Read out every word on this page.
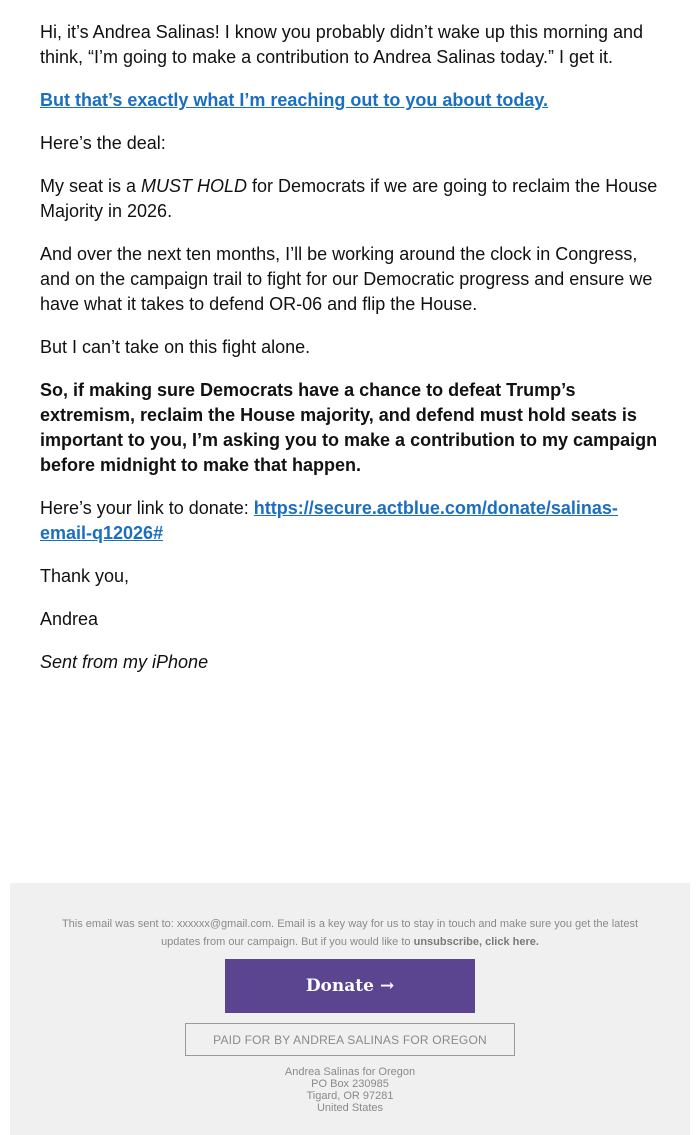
Hi, it’s Andrea Salinas! I know you probably didn’t wake up this morning and think, “I’m going to make a contribution to Andrea Salinas today.” I get it.

But that’s exactly what I’m reaching out to you about today.

Here’s the deal:

My seat is a MUST HOLD for Democrats if we are going to reclaim the House Majority in 2026.

And over the next ten months, I’ll be working around the clock in Congress, and on the campaign trail to fight for our Democratic progress and ensure we have what it takes to defend OR-06 and flip the House.

But I can’t take on this fight alone.

So, if making sure Democrats have a chance to defeat Trump’s extremism, reclaim the House majority, and defend must hold seats is important to you, I’m asking you to make a contribution to my campaign before midnight to make that happen.

Here’s your link to donate: https://secure.actblue.com/donate/salinas-email-q12026#

Thank you,

Andrea

Sent from my iPhone

This email was sent to: xxxxxx@gmail.com. Email is a key way for us to stay in touch and make sure you get the latest updates from our campaign. But if you would like to unsubscribe, click here.
Donate →
PAID FOR BY ANDREA SALINAS FOR OREGON
Andrea Salinas for Oregon
PO Box 230985
Tigard, OR 97281
United States
